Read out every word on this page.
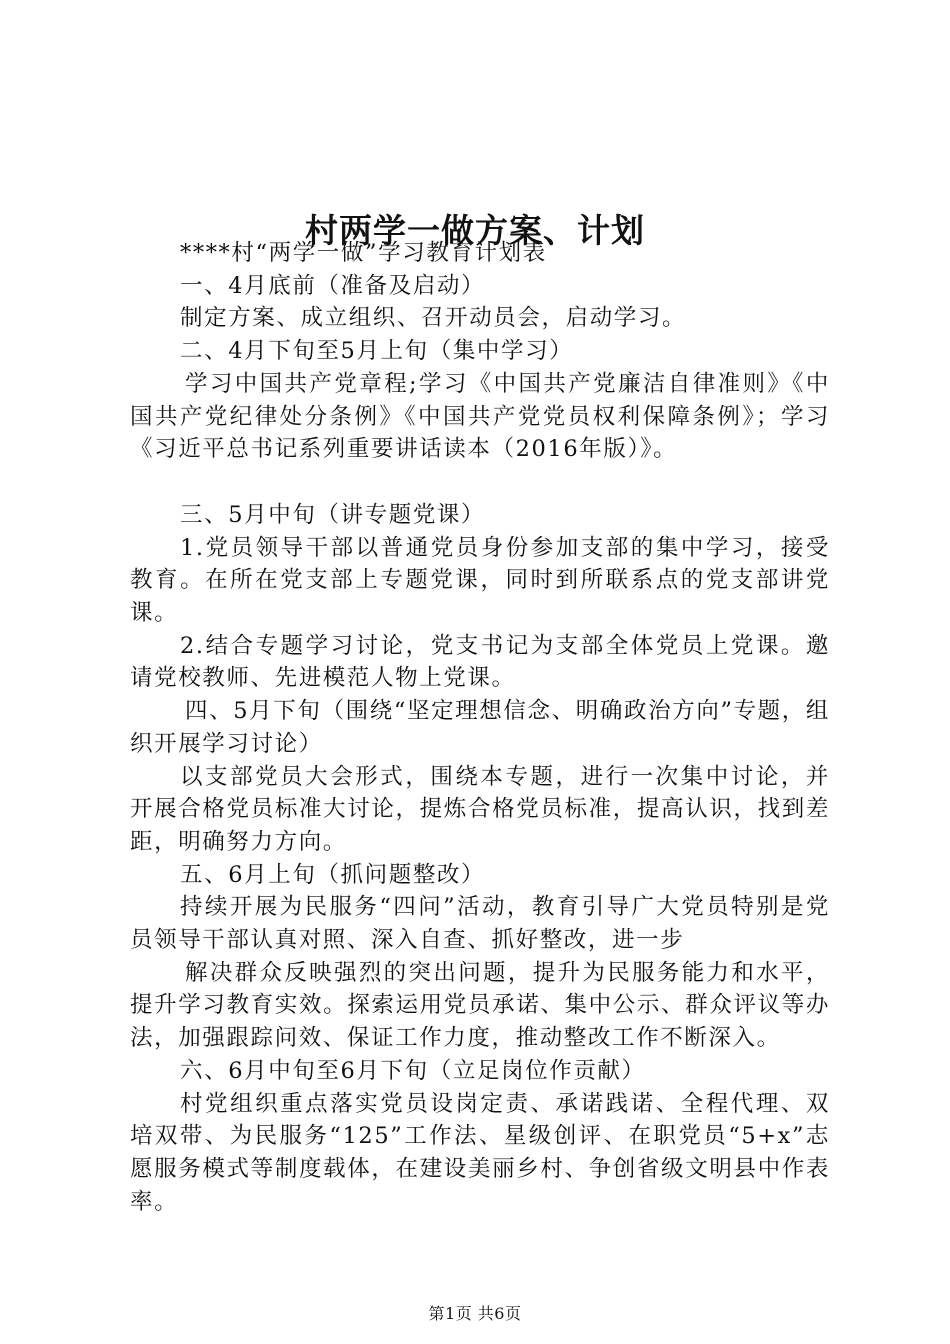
村两学一做方案、计划

****村“两学一做”学习教育计划表

一、4月底前（准备及启动）

制定方案、成立组织、召开动员会，启动学习。

二、4月下旬至5月上旬（集中学习）

学习中国共产党章程;学习《中国共产党廉洁自律准则》《中国共产党纪律处分条例》《中国共产党党员权利保障条例》；学习《习近平总书记系列重要讲话读本（2016年版）》。

三、5月中旬（讲专题党课）

1.党员领导干部以普通党员身份参加支部的集中学习，接受教育。在所在党支部上专题党课，同时到所联系点的党支部讲党课。

2.结合专题学习讨论，党支书记为支部全体党员上党课。邀请党校教师、先进模范人物上党课。

四、5月下旬（围绕“坚定理想信念、明确政治方向”专题，组织开展学习讨论）

以支部党员大会形式，围绕本专题，进行一次集中讨论，并开展合格党员标准大讨论，提炼合格党员标准，提高认识，找到差距，明确努力方向。

五、6月上旬（抓问题整改）

持续开展为民服务“四问”活动，教育引导广大党员特别是党员领导干部认真对照、深入自查、抓好整改，进一步

解决群众反映强烈的突出问题，提升为民服务能力和水平，提升学习教育实效。探索运用党员承诺、集中公示、群众评议等办法，加强跟踪问效、保证工作力度，推动整改工作不断深入。

六、6月中旬至6月下旬（立足岗位作贡献）

村党组织重点落实党员设岗定责、承诺践诺、全程代理、双培双带、为民服务“125”工作法、星级创评、在职党员“5+x”志愿服务模式等制度载体，在建设美丽乡村、争创省级文明县中作表率。

第1页 共6页
